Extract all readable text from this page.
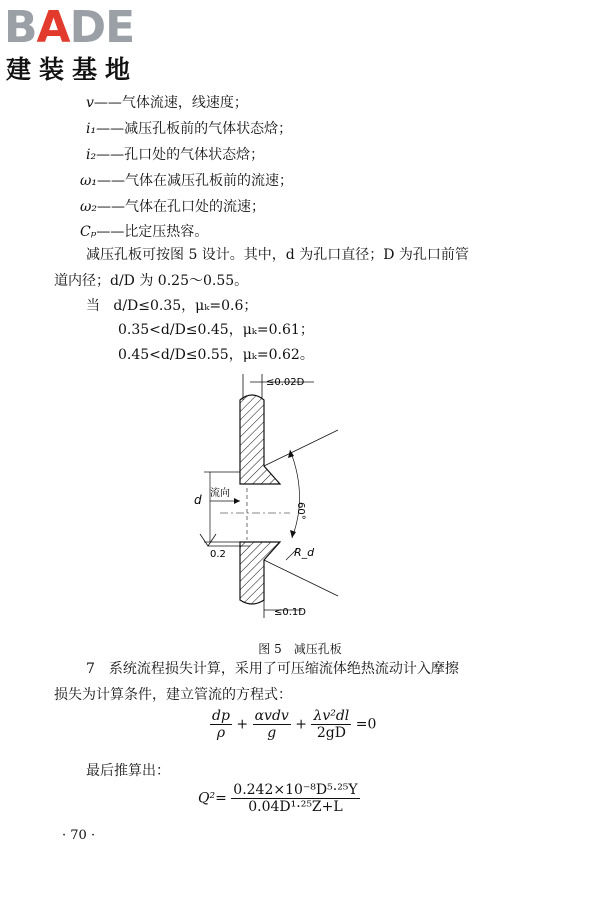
BADE
建装基地
v——气体流速，线速度；
i₁——减压孔板前的气体状态焓；
i₂——孔口处的气体状态焓；
ω₁——气体在减压孔板前的流速；
ω₂——气体在孔口处的流速；
Cₚ——比定压热容。
减压孔板可按图 5 设计。其中，d 为孔口直径；D 为孔口前管
道内径；d/D 为 0.25～0.55。
当 d/D≤0.35，μₖ=0.6；
0.35<d/D≤0.45，μₖ=0.61；
0.45<d/D≤0.55，μₖ=0.62。
≤0.02D
d 流向
60°
0.2	R_d
≤0.1D
图 5　减压孔板
7　系统流程损失计算，采用了可压缩流体绝热流动计入摩擦
损失为计算条件，建立管流的方程式：
$\frac{dp}{\rho} + \frac{\text{αvdv}}{g} + \frac{\text{λv²dl}}{2gD} =0$
最后推算出：
$Q^2= \frac{\text{0.242×10⁻⁸D⁵·²⁵Y}}{\text{0.04D¹·²⁵Z+L}}$
· 70 ·
